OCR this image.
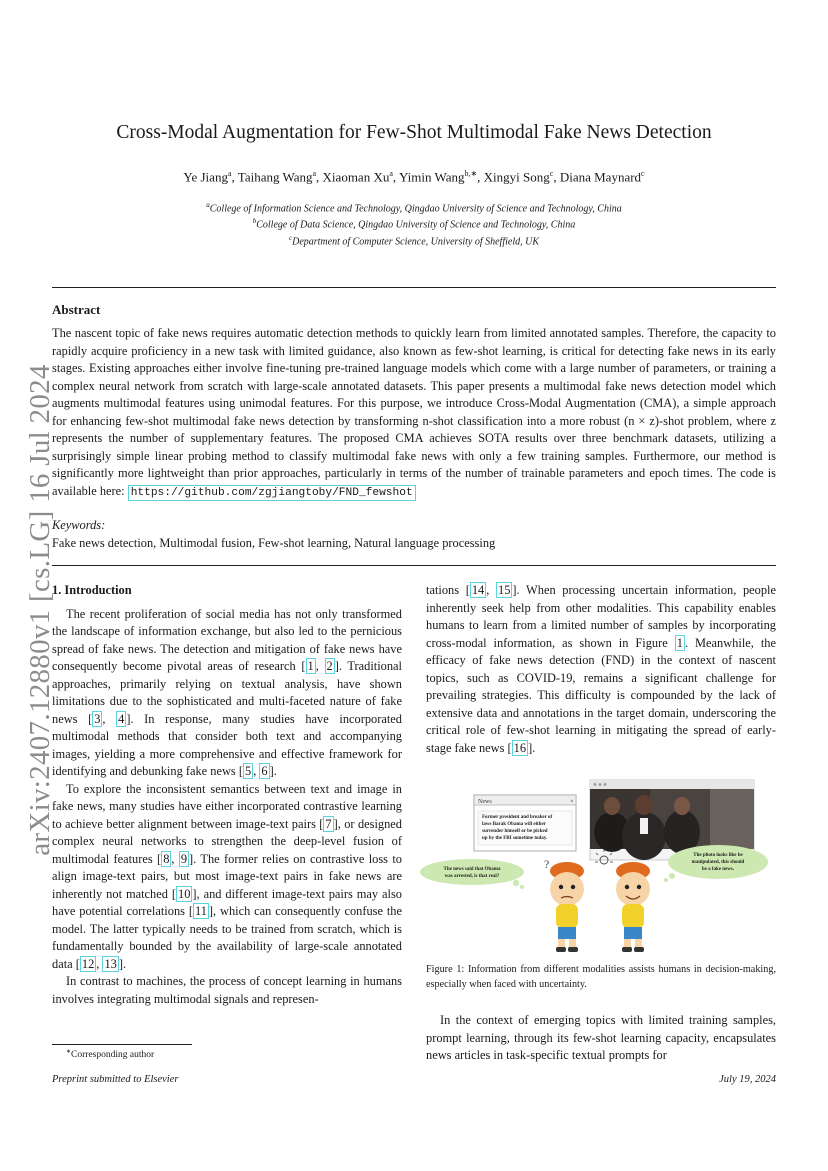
arXiv:2407.12880v1 [cs.LG] 16 Jul 2024
Cross-Modal Augmentation for Few-Shot Multimodal Fake News Detection
Ye Jiang$^a$, Taihang Wang$^a$, Xiaoman Xu$^a$, Yimin Wang$^{b,∗}$, Xingyi Song$^c$, Diana Maynard$^c$
$^a$College of Information Science and Technology, Qingdao University of Science and Technology, China
$^b$College of Data Science, Qingdao University of Science and Technology, China
$^c$Department of Computer Science, University of Sheffield, UK
Abstract
The nascent topic of fake news requires automatic detection methods to quickly learn from limited annotated samples. Therefore, the capacity to rapidly acquire proficiency in a new task with limited guidance, also known as few-shot learning, is critical for detecting fake news in its early stages. Existing approaches either involve fine-tuning pre-trained language models which come with a large number of parameters, or training a complex neural network from scratch with large-scale annotated datasets. This paper presents a multimodal fake news detection model which augments multimodal features using unimodal features. For this purpose, we introduce Cross-Modal Augmentation (CMA), a simple approach for enhancing few-shot multimodal fake news detection by transforming n-shot classification into a more robust (n × z)-shot problem, where z represents the number of supplementary features. The proposed CMA achieves SOTA results over three benchmark datasets, utilizing a surprisingly simple linear probing method to classify multimodal fake news with only a few training samples. Furthermore, our method is significantly more lightweight than prior approaches, particularly in terms of the number of trainable parameters and epoch times. The code is available here: https://github.com/zgjiangtoby/FND_fewshot
Keywords:
Fake news detection, Multimodal fusion, Few-shot learning, Natural language processing
1. Introduction

The recent proliferation of social media has not only transformed the landscape of information exchange, but also led to the pernicious spread of fake news. The detection and mitigation of fake news have consequently become pivotal areas of research [ 1 , 2 ]. Traditional approaches, primarily relying on textual analysis, have shown limitations due to the sophisticated and multi-faceted nature of fake news [ 3 , 4 ]. In response, many studies have incorporated multimodal methods that consider both text and accompanying images, yielding a more comprehensive and effective framework for identifying and debunking fake news [ 5 , 6 ].

To explore the inconsistent semantics between text and image in fake news, many studies have either incorporated contrastive learning to achieve better alignment between image-text pairs [ 7 ], or designed complex neural networks to strengthen the deep-level fusion of multimodal features [ 8 , 9 ]. The former relies on contrastive loss to align image-text pairs, but most image-text pairs in fake news are inherently not matched [ 10 ], and different image-text pairs may also have potential correlations [ 11 ], which can consequently confuse the model. The latter typically needs to be trained from scratch, which is fundamentally bounded by the availability of large-scale annotated data [ 12 , 13 ].

In contrast to machines, the process of concept learning in humans involves integrating multimodal signals and represen-

tations [ 14 , 15 ]. When processing uncertain information, people inherently seek help from other modalities. This capability enables humans to learn from a limited number of samples by incorporating cross-modal information, as shown in Figure 1 . Meanwhile, the efficacy of fake news detection (FND) in the context of nascent topics, such as COVID-19, remains a significant challenge for prevailing strategies. This difficulty is compounded by the lack of extensive data and annotations in the target domain, underscoring the critical role of few-shot learning in mitigating the spread of early-stage fake news [ 16 ].

News	×
Former president and breaker of
laws Barak Obama will either
surrender himself or be picked
up by the FBI sometime today.
The news said that Obama
was arrested, is that real?
The photo looks like be
manipulated, this should
be a fake news.
?
Figure 1: Information from different modalities assists humans in decision-making, especially when faced with uncertainty.

In the context of emerging topics with limited training samples, prompt learning, through its few-shot learning capacity, encapsulates news articles in task-specific textual prompts for

∗Corresponding author
Preprint submitted to Elsevier	July 19, 2024
